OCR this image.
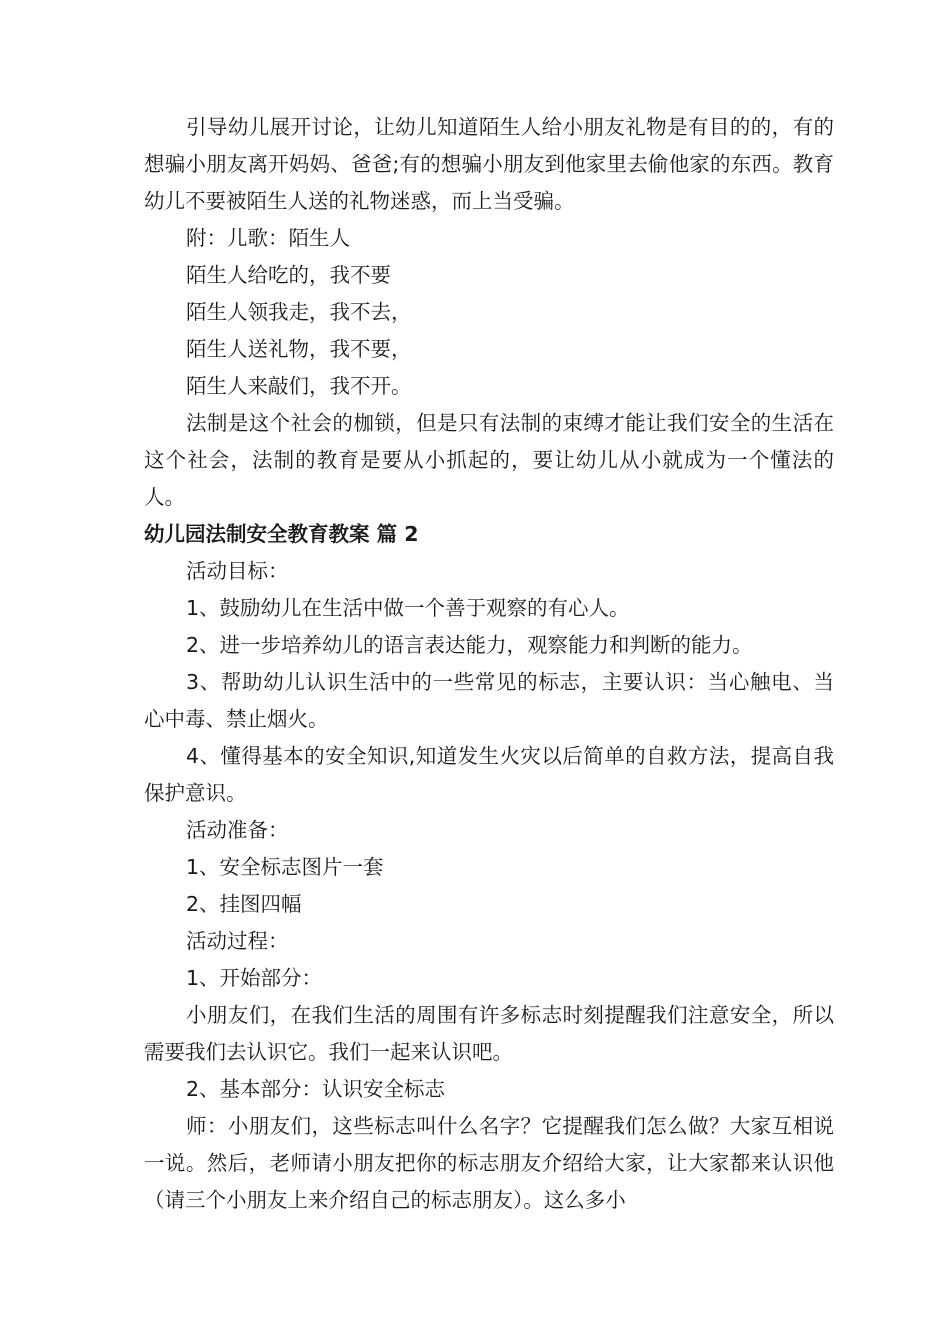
引导幼儿展开讨论，让幼儿知道陌生人给小朋友礼物是有目的的，有的想骗小朋友离开妈妈、爸爸;有的想骗小朋友到他家里去偷他家的东西。教育幼儿不要被陌生人送的礼物迷惑，而上当受骗。

附：儿歌：陌生人

陌生人给吃的，我不要

陌生人领我走，我不去，

陌生人送礼物，我不要，

陌生人来敲们，我不开。

法制是这个社会的枷锁，但是只有法制的束缚才能让我们安全的生活在这个社会，法制的教育是要从小抓起的，要让幼儿从小就成为一个懂法的人。

幼儿园法制安全教育教案 篇 2

活动目标：

1、鼓励幼儿在生活中做一个善于观察的有心人。

2、进一步培养幼儿的语言表达能力，观察能力和判断的能力。

3、帮助幼儿认识生活中的一些常见的标志，主要认识：当心触电、当心中毒、禁止烟火。

4、懂得基本的安全知识,知道发生火灾以后简单的自救方法，提高自我保护意识。

活动准备：

1、安全标志图片一套

2、挂图四幅

活动过程：

1、开始部分：

小朋友们，在我们生活的周围有许多标志时刻提醒我们注意安全，所以需要我们去认识它。我们一起来认识吧。

2、基本部分：认识安全标志

师：小朋友们，这些标志叫什么名字？它提醒我们怎么做？大家互相说一说。然后，老师请小朋友把你的标志朋友介绍给大家，让大家都来认识他（请三个小朋友上来介绍自己的标志朋友）。这么多小
